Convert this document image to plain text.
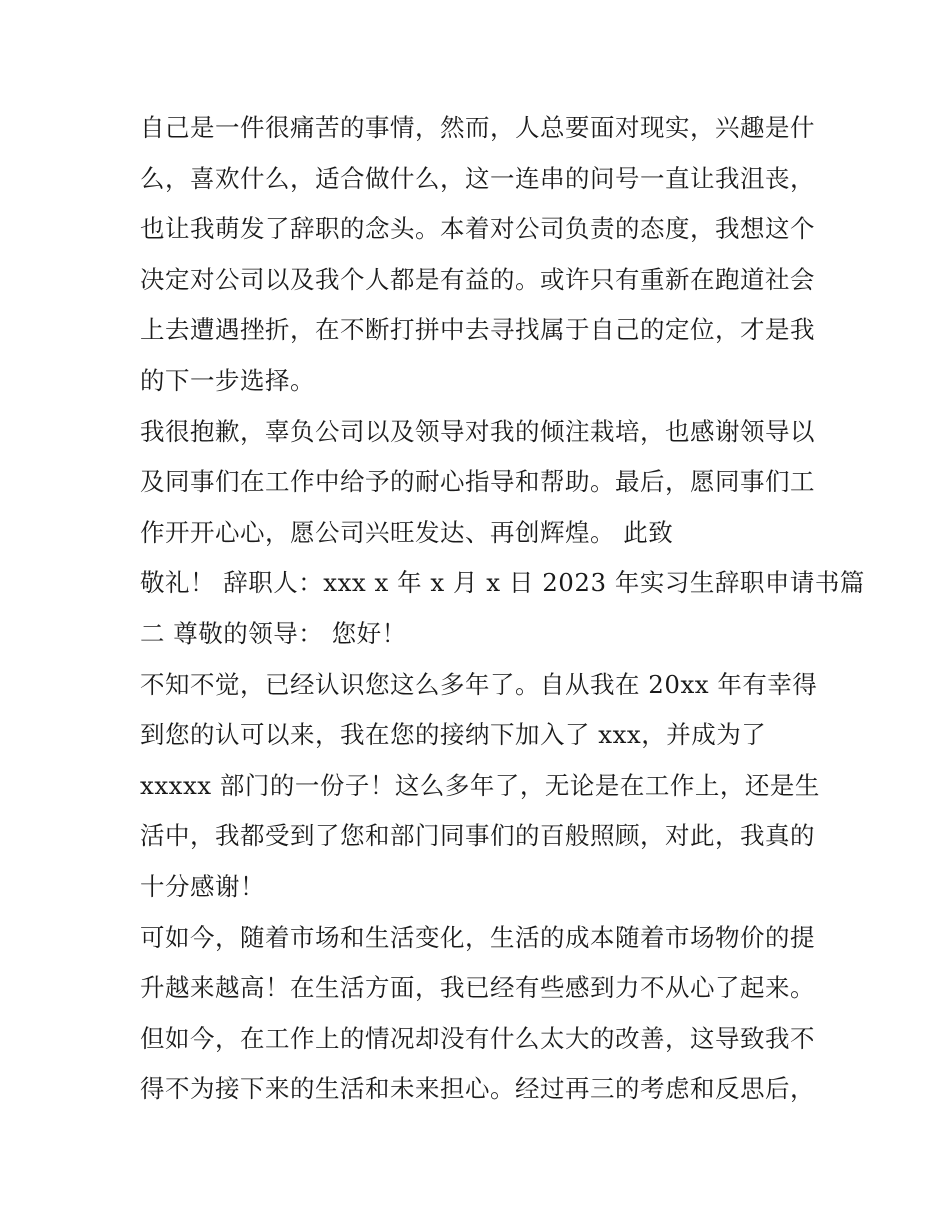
自己是一件很痛苦的事情，然而，人总要面对现实，兴趣是什
么，喜欢什么，适合做什么，这一连串的问号一直让我沮丧，
也让我萌发了辞职的念头。本着对公司负责的态度，我想这个
决定对公司以及我个人都是有益的。或许只有重新在跑道社会
上去遭遇挫折，在不断打拼中去寻找属于自己的定位，才是我
的下一步选择。
我很抱歉，辜负公司以及领导对我的倾注栽培，也感谢领导以
及同事们在工作中给予的耐心指导和帮助。最后，愿同事们工
作开开心心，愿公司兴旺发达、再创辉煌。 此致
敬礼！ 辞职人：xxx x 年 x 月 x 日 2023 年实习生辞职申请书篇
二 尊敬的领导： 您好！
不知不觉，已经认识您这么多年了。自从我在 20xx 年有幸得
到您的认可以来，我在您的接纳下加入了 xxx，并成为了
xxxxx 部门的一份子！这么多年了，无论是在工作上，还是生
活中，我都受到了您和部门同事们的百般照顾，对此，我真的
十分感谢！
可如今，随着市场和生活变化，生活的成本随着市场物价的提
升越来越高！在生活方面，我已经有些感到力不从心了起来。
但如今，在工作上的情况却没有什么太大的改善，这导致我不
得不为接下来的生活和未来担心。经过再三的考虑和反思后，
